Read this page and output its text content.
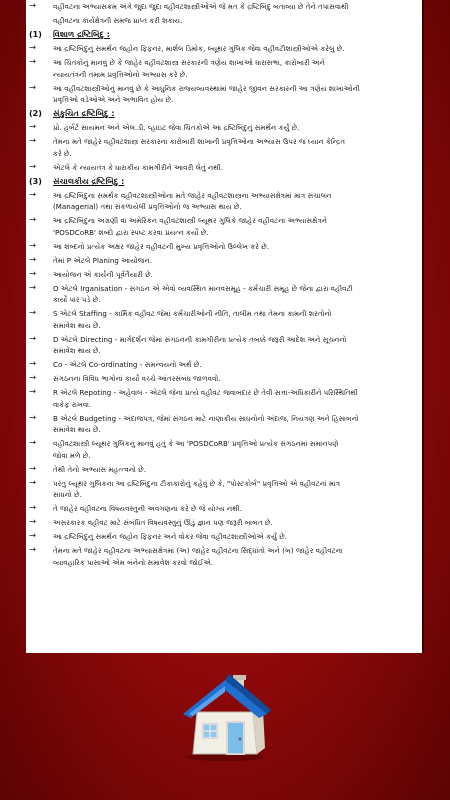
→	વહીવટના અભ્યાસક્રમ અંગે જુદા જુદા વહીવટશાસ્ત્રીઓએ જે મત કે દ્રષ્ટિબિંદુ બતાવ્યા છે તેને તપાસવાથી
વહીવટના કાર્યક્ષેત્રની સમજ પ્રાપ્ત કરી શકાય.
(1)	વિશાળ દ્રષ્ટિબિંદુ :
→	આ દ્રષ્ટિબિંદુનું સમર્થન જહોન ફિફનર, માર્શલ ડિમોક, લ્યૂથર ગુલિક જેવા વહીવટીશાસ્ત્રીઓએ કરેલું છે.
→	આ ચિંતકોનું માનવું છે કે જાહેર વહીવટશાસ્ત્ર સરકારની ત્રણેય શાખાઓ ધારાસભા, કારોબારી અને
ન્યાયતંત્રની તમામ પ્રવૃત્તિઓનો અભ્યાસ કરે છે.
→	આ વહીવટશાસ્ત્રીઓનું માનવું છે કે આધુનિક રાજ્યવ્યવસ્થામાં જાહેર જીવન સરકારની આ ત્રણેય શાખાઓની
પ્રવૃત્તિઓ વડેઓએ અને અભાવિત હોય છે.
(2)	સંકુચિત દ્રષ્ટિબિંદુ :
→	પ્રો. હર્બર્ટ સાયમન અને એલ.ડી. વ્હાઇટ જેવા ચિંતકોએ આ દ્રષ્ટિબિંદુનું સમર્થન કર્યું છે.
→	તેમના મતે જાહેર વહીવટશાસ્ત્ર સરકારના કારોબારી શાખાની પ્રવૃત્તિઓના અભ્યાસ ઉપર જ ધ્યાન કેન્દ્રિત
કરે છે.
→	એટલે કે ન્યાયતંત્ર કે ધારાકીય કામગીરીને આવરી લેતું નથી.
(3)	સંચાલકીય દ્રષ્ટિબિંદુ :
→	આ દ્રષ્ટિબિંદુના સમર્થક વહીવટશાસ્ત્રીઓના મતે જાહેર વહીવટશાસ્ત્રના અભ્યાસક્ષેત્રમાં માત્ર સંચાલન
(Managerial) તથા સંકળાયેલી પ્રવૃત્તિઓનો જ અભ્યાસ થાય છે.
→	આ દ્રષ્ટિબિંદુના અગ્રણી વા અમેરિકન વહીવટશાસ્ત્રી લ્યૂથર ગુલિકે જાહેર વહીવટના અભ્યાસક્ષેત્રને
'POSDCoRB' શબ્દો દ્વારા સ્પષ્ટ કરવા પ્રયત્ન કર્યો છે.
→	આ શબ્દનો પ્રત્યેક અક્ષર જાહેર વહીવટની મુખ્ય પ્રવૃત્તિઓનો ઉલ્લેખ કરે છે.
→	તેમાં P એટલે Planing આયોજન.
→	આયોજન એ કાર્યની પૂર્વતૈયારી છે.
→	O એટલે Irganisation - સંગઠન એ એવો વ્યવસ્થિત માનવસમૂહ - કર્મચારી સમૂહ છે જેના દ્વારા વહીવટી
કાર્યો પાર પડે છે.
→	S એટલે Staffing - કાર્મિક વહીવટ જેમાં કર્મચારીઓની નીતિ, તાલીમ તથા તેમના કામની શરતોનો
સમાવેશ થાય છે.
→	D એટલે Directing - માર્ગદર્શન જેમાં સંગઠનની કામગીરીના પ્રત્યેક તબક્કે જરૂરી આદેશ અને સૂચનનો
સમાવેશ થાય છે.
→	Co - એટલે Co-ordinating - સમન્વયનો અર્થ છે.
→	સંગઠનના વિવિધ ભાગોનાં કાર્યો વચ્ચે આંતરસંબંધ જાળવવો.
→	R એટલે Repoting - અહેવાલ - એટલે જેના પ્રત્યે વહીવટ જવાબદાર છે તેવી સત્તા-અધિકારીને પરિસ્થિતિથી
વાકેફ રાખવા.
→	B એટલે Budgeting - અંદાજપત્ર, જેમાં સંગઠન માટે નાણાકીય સાધનોનો અંદાજ, નિયંત્રણ અને હિસાબનો
સમાવેશ થાય છે.
→	વહીવટશાસ્ત્રી લ્યૂથર ગુલિકનું માનવું હતું કે આ 'POSDCoRB' પ્રવૃત્તિઓ પ્રત્યેક સંગઠનમાં સમાનપણે
જોવા મળે છે.
→	તેથી તેનો અભ્યાસ મહત્ત્વનો છે.
→	પરંતુ લ્યૂથર ગુલિકના આ દ્રષ્ટિબિંદુના ટીકાકારોનું કહેવું છે કે, "પોસ્ટકોર્બ" પ્રવૃત્તિઓ એ વહીવટનાં માત્ર
સાધનો છે.
→	તે જાહેર વહીવટના વિષયવસ્તુની અવગણના કરે છે જે યોગ્ય નથી.
→	અસરકારક વહીવટ માટે સંબંધિત વિષયવસ્તુનું ઊંડું જ્ઞાન પણ જરૂરી બાબત છે.
→	આ દ્રષ્ટિબિંદુનું સમર્થન જહોન ફિફનર અને વોકર જેવા વહીવટશાસ્ત્રીઓએ કર્યું છે.
→	તેમના મતે જાહેર વહીવટના અભ્યાસક્ષેત્રમાં (અ) જાહેર વહીવટના સિદ્ધાંતો અને (બ) જાહેર વહીવટના
વ્યાવહારિક પાસાઓ એમ બંનેનો સમાવેશ કરવો જોઈએ.
